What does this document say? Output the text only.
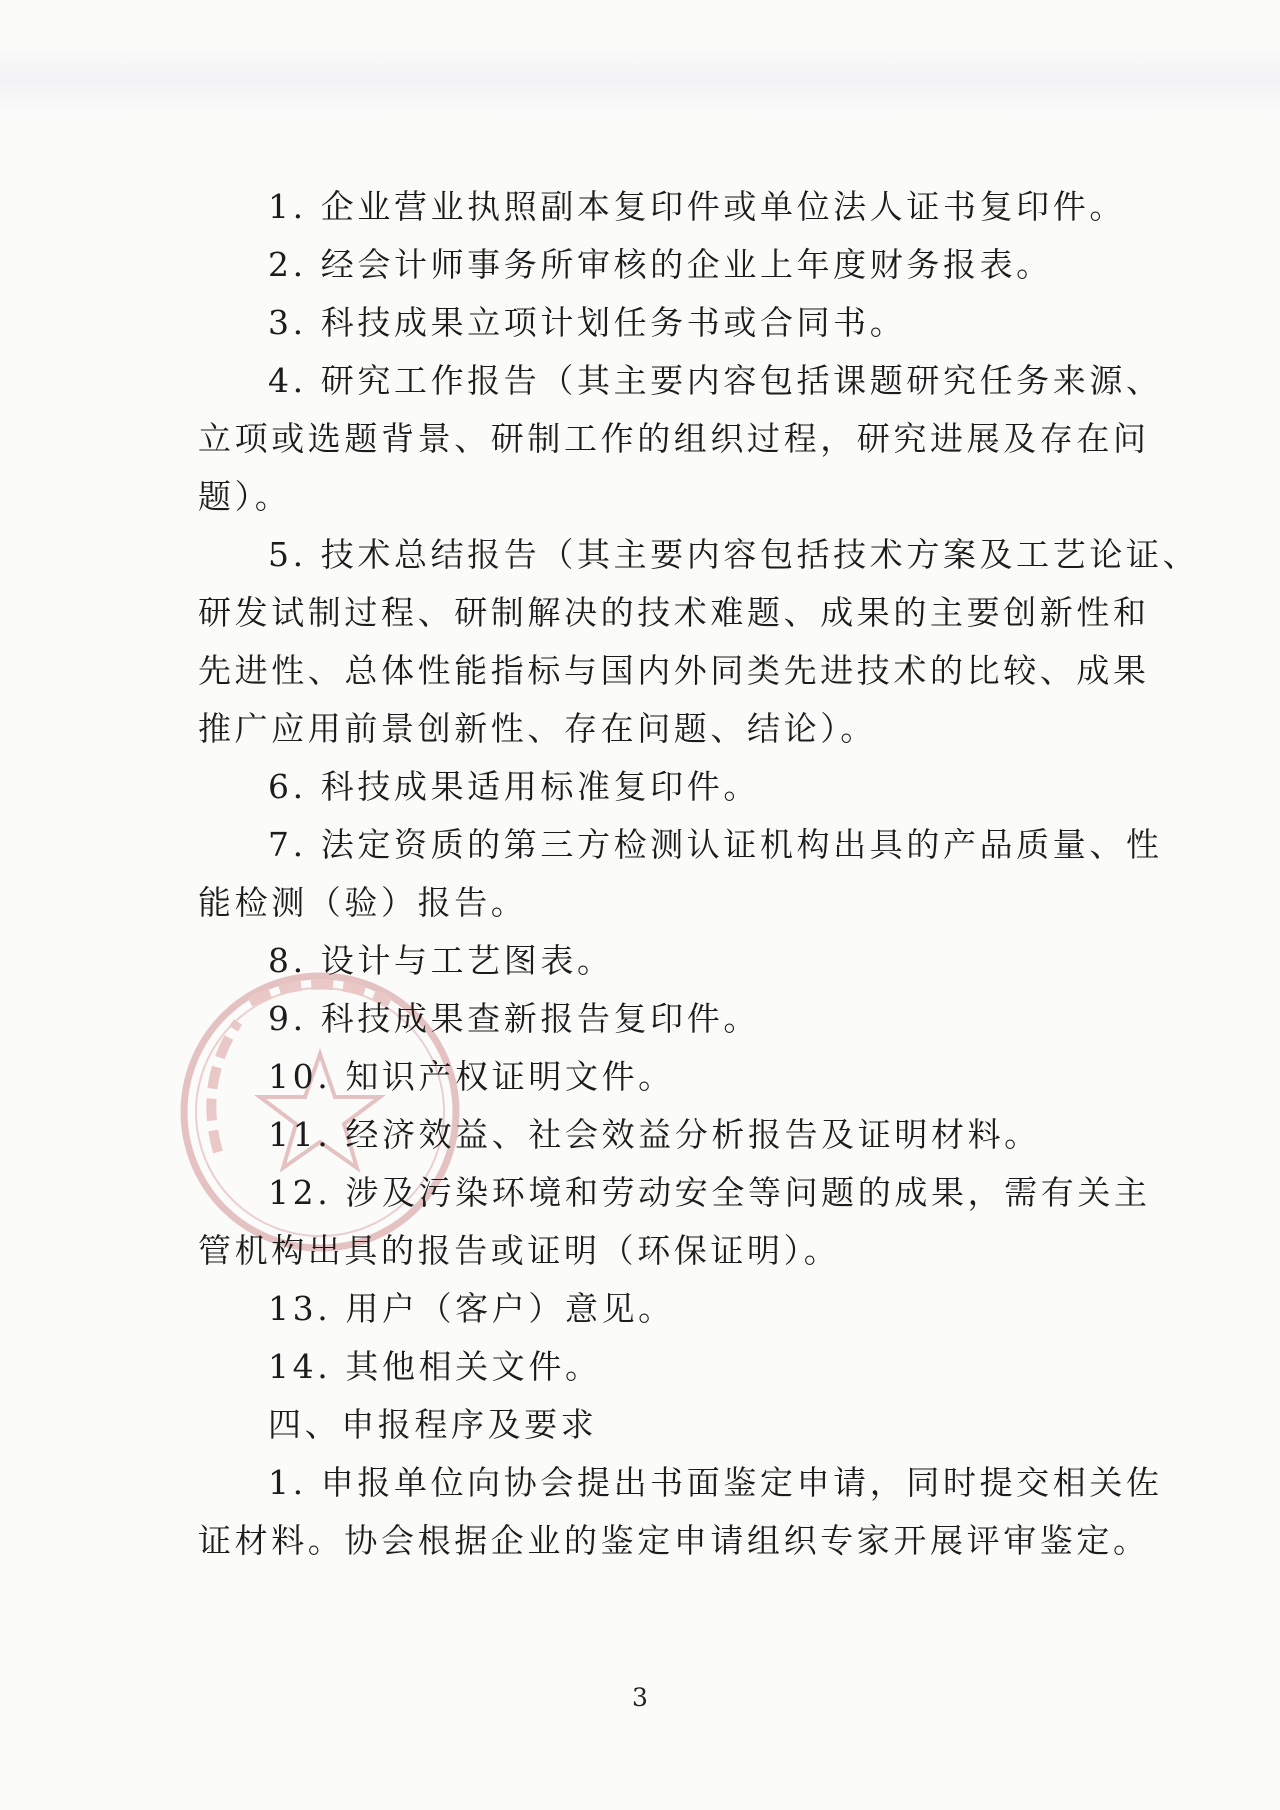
1. 企业营业执照副本复印件或单位法人证书复印件。
2. 经会计师事务所审核的企业上年度财务报表。
3. 科技成果立项计划任务书或合同书。
4. 研究工作报告（其主要内容包括课题研究任务来源、
立项或选题背景、研制工作的组织过程，研究进展及存在问
题）。
5. 技术总结报告（其主要内容包括技术方案及工艺论证、
研发试制过程、研制解决的技术难题、成果的主要创新性和
先进性、总体性能指标与国内外同类先进技术的比较、成果
推广应用前景创新性、存在问题、结论）。
6. 科技成果适用标准复印件。
7. 法定资质的第三方检测认证机构出具的产品质量、性
能检测（验）报告。
8. 设计与工艺图表。
9. 科技成果查新报告复印件。
10. 知识产权证明文件。
11. 经济效益、社会效益分析报告及证明材料。
12. 涉及污染环境和劳动安全等问题的成果，需有关主
管机构出具的报告或证明（环保证明）。
13. 用户（客户）意见。
14. 其他相关文件。
四、申报程序及要求
1. 申报单位向协会提出书面鉴定申请，同时提交相关佐
证材料。协会根据企业的鉴定申请组织专家开展评审鉴定。
3
